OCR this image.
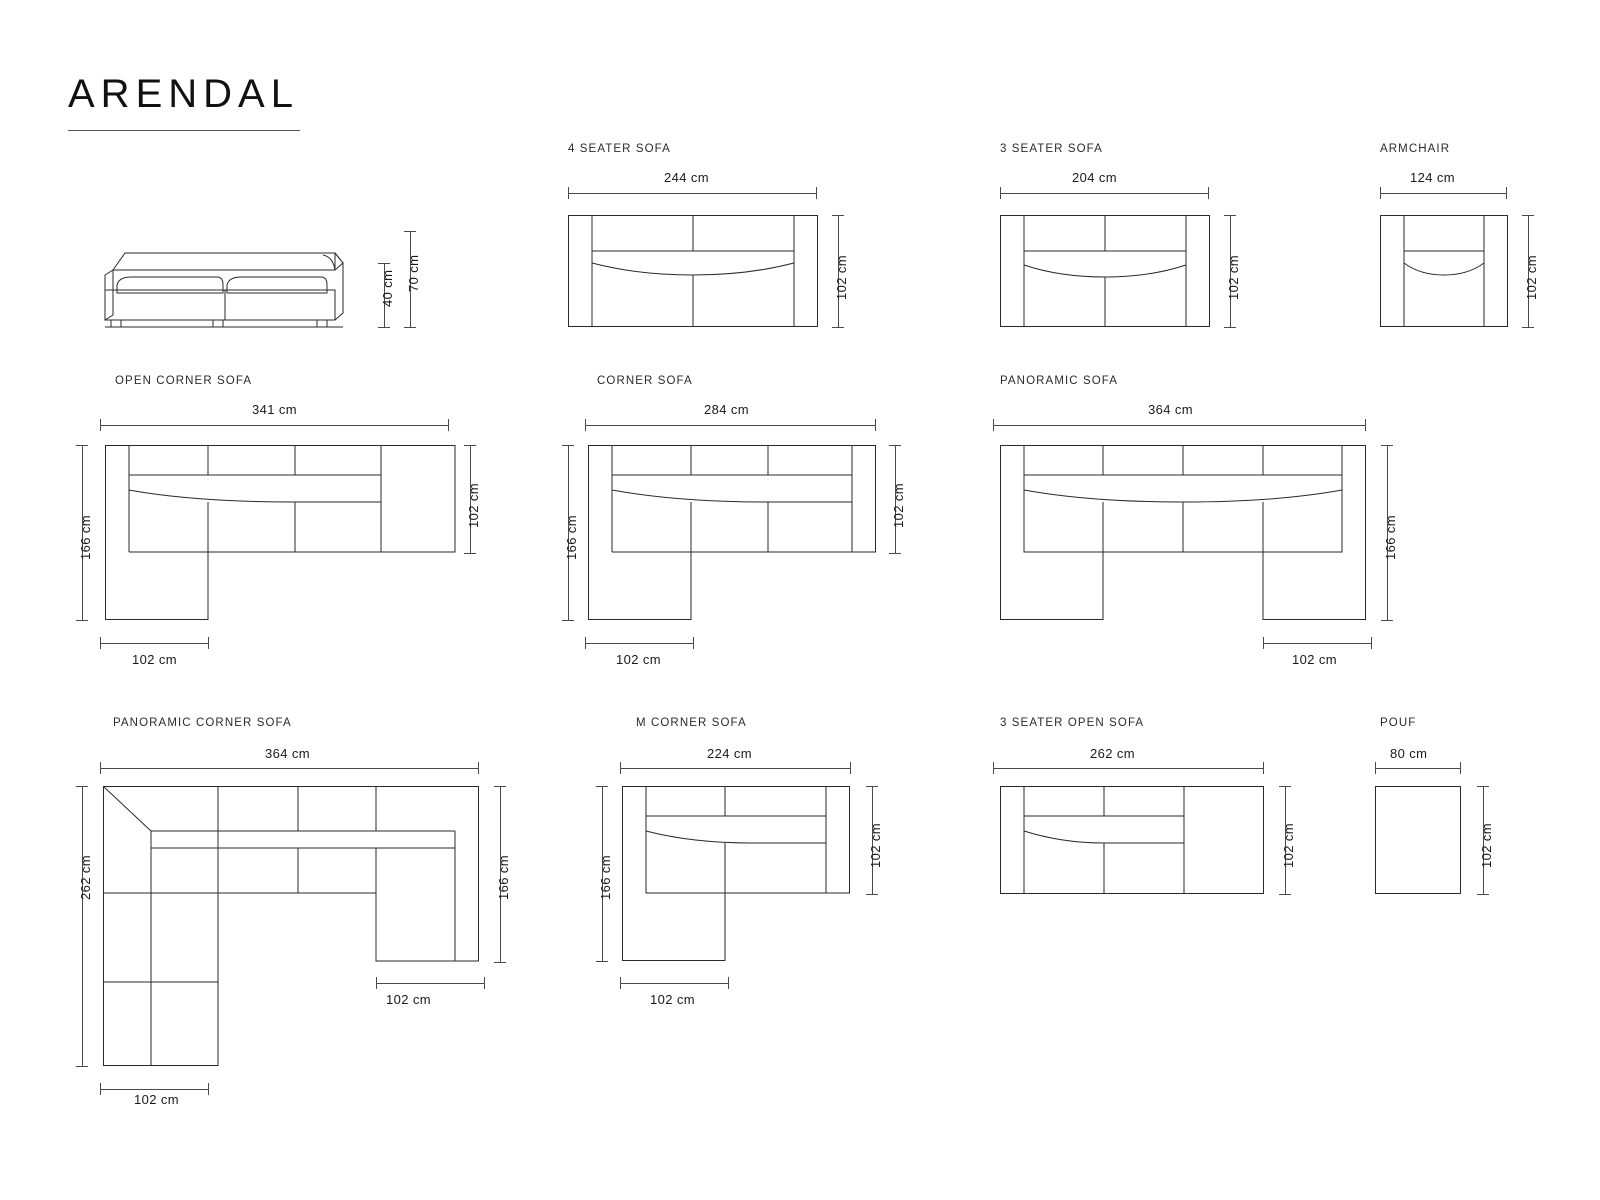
ARENDAL
70 cm
40 cm
4 SEATER SOFA
244 cm
102 cm
3 SEATER SOFA
204 cm
102 cm
ARMCHAIR
124 cm
102 cm
OPEN CORNER SOFA
341 cm
166 cm
102 cm
102 cm
CORNER SOFA
284 cm
166 cm
102 cm
102 cm
PANORAMIC SOFA
364 cm
166 cm
102 cm
PANORAMIC CORNER SOFA
364 cm
262 cm	166 cm
102 cm
102 cm
M CORNER SOFA
224 cm
166 cm
102 cm
102 cm
3 SEATER OPEN SOFA
262 cm
102 cm
POUF
80 cm
102 cm
